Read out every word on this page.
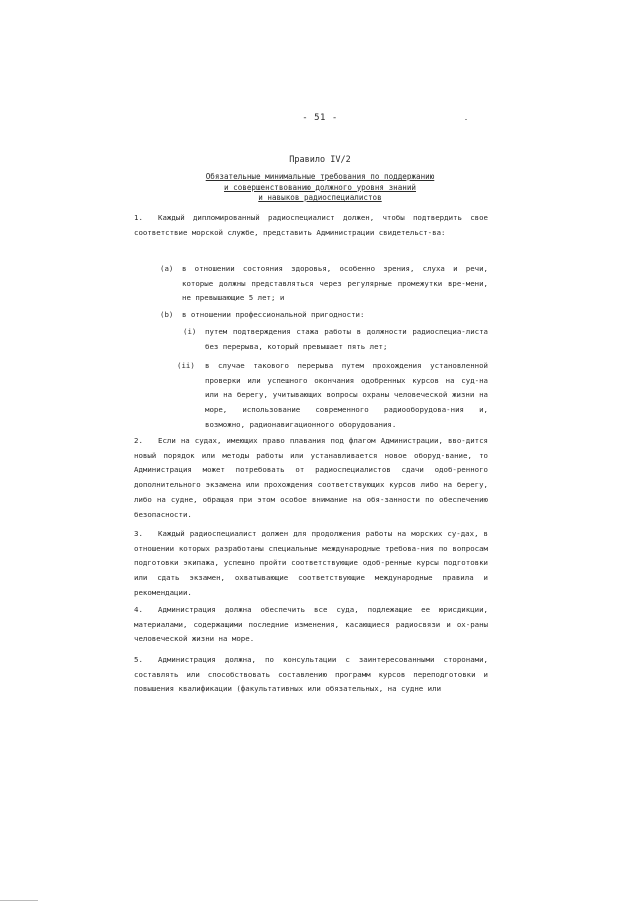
- 51 -
Правило IV/2
Обязательные минимальные требования по поддержанию
и совершенствованию должного уровня знаний
и навыков радиоспециалистов
1. Каждый дипломированный радиоспециалист должен, чтобы подтвердить свое соответствие морской службе, представить Администрации свидетельст-ва:
(a) в отношении состояния здоровья, особенно зрения, слуха и речи, которые должны представляться через регулярные промежутки вре-мени, не превышающие 5 лет; и
(b) в отношении профессиональной пригодности:
(i) путем подтверждения стажа работы в должности радиоспециа-листа без перерыва, который превышает пять лет;
(ii) в случае такового перерыва путем прохождения установленной проверки или успешного окончания одобренных курсов на суд-на или на берегу, учитывающих вопросы охраны человеческой жизни на море, использование современного радиооборудова-ния и, возможно, радионавигационного оборудования.
2. Если на судах, имеющих право плавания под флагом Администрации, вво-дится новый порядок или методы работы или устанавливается новое оборуд-вание, то Администрация может потребовать от радиоспециалистов сдачи одоб-ренного дополнительного экзамена или прохождения соответствующих курсов либо на берегу, либо на судне, обращая при этом особое внимание на обя-занности по обеспечению безопасности.
3. Каждый радиоспециалист должен для продолжения работы на морских су-дах, в отношении которых разработаны специальные международные требова-ния по вопросам подготовки экипажа, успешно пройти соответствующие одоб-ренные курсы подготовки или сдать экзамен, охватывающие соответствующие международные правила и рекомендации.
4. Администрация должна обеспечить все суда, подлежащие ее юрисдикции, материалами, содержащими последние изменения, касающиеся радиосвязи и ох-раны человеческой жизни на море.
5. Администрация должна, по консультации с заинтересованными сторонами, составлять или способствовать составлению программ курсов переподготовки и повышения квалификации (факультативных или обязательных, на судне или
